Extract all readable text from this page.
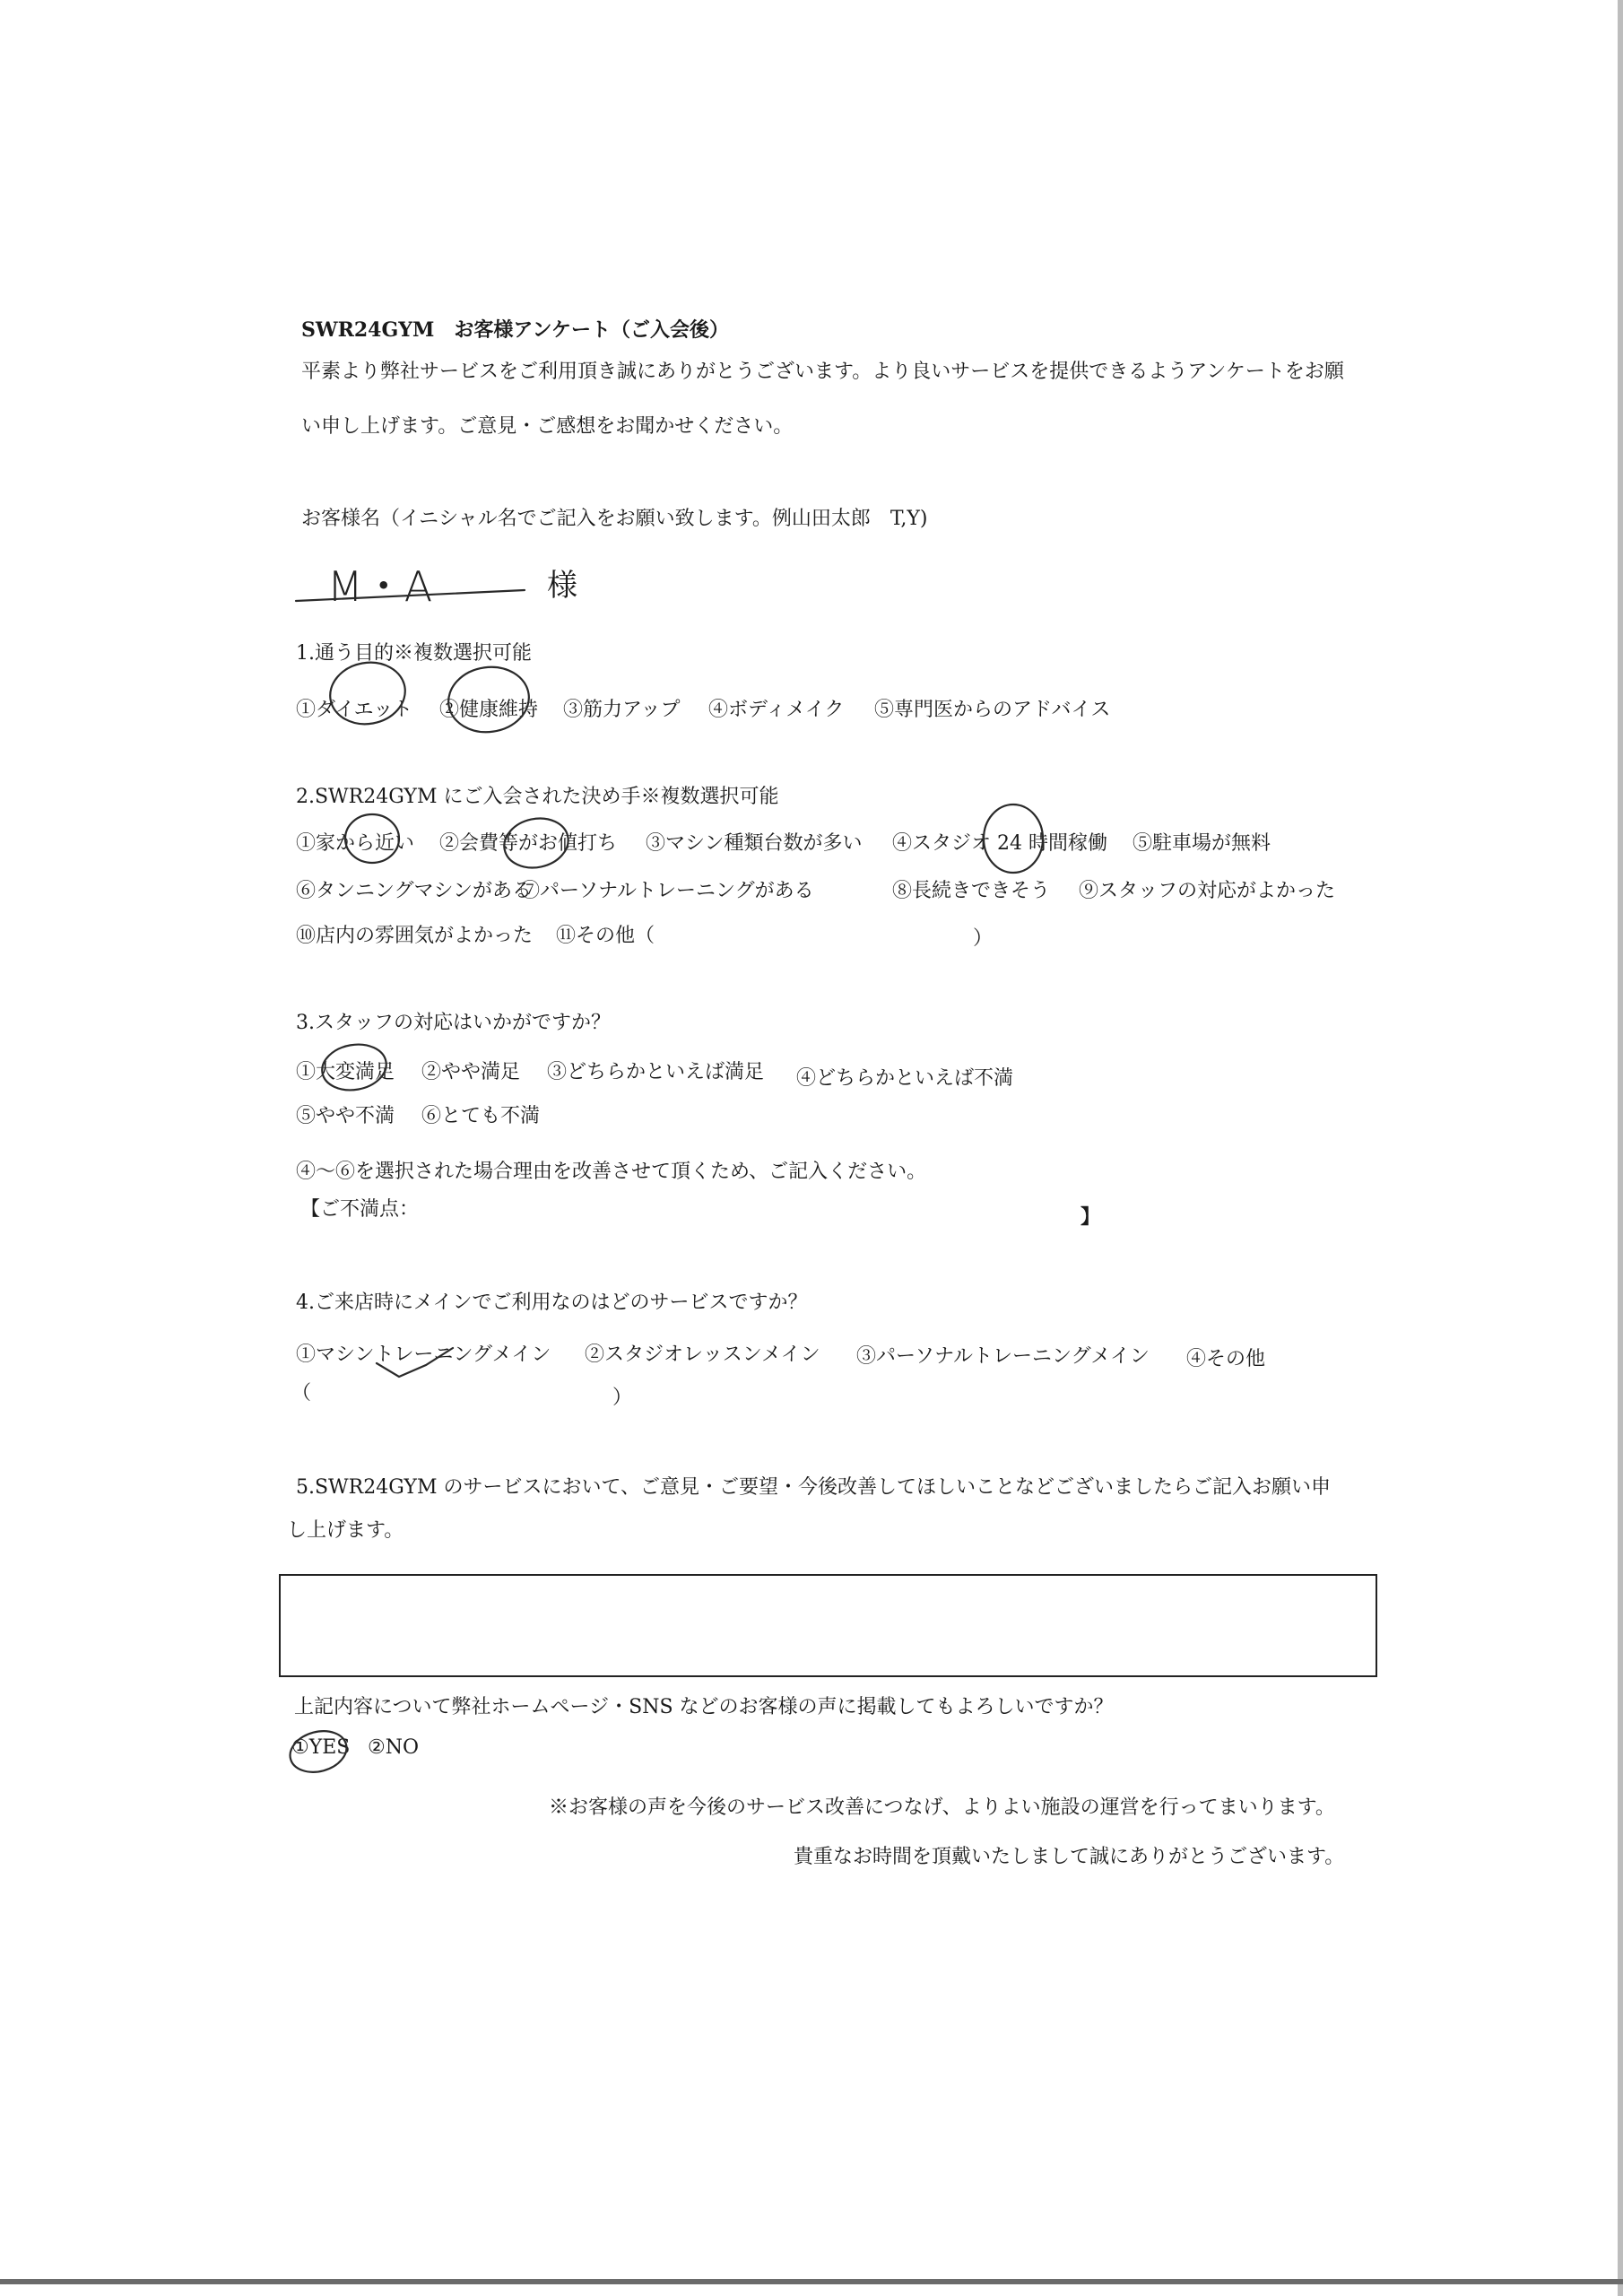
SWR24GYM　お客様アンケート（ご入会後）
平素より弊社サービスをご利用頂き誠にありがとうございます。より良いサービスを提供できるようアンケートをお願
い申し上げます。ご意見・ご感想をお聞かせください。
お客様名（イニシャル名でご記入をお願い致します。例山田太郎　T,Y)
M・A	様
1.通う目的※複数選択可能
①ダイエット ②健康維持 ③筋力アップ ④ボディメイク ⑤専門医からのアドバイス
2.SWR24GYM にご入会された決め手※複数選択可能
①家から近い ②会費等がお値打ち ③マシン種類台数が多い ④スタジオ 24 時間稼働 ⑤駐車場が無料
⑥タンニングマシンがある
⑦パーソナルトレーニングがある	⑧長続きできそう ⑨スタッフの対応がよかった
⑩店内の雰囲気がよかった ⑪その他（	）
3.スタッフの対応はいかがですか？
①大変満足 ②やや満足 ③どちらかといえば満足 ④どちらかといえば不満
⑤やや不満 ⑥とても不満
④～⑥を選択された場合理由を改善させて頂くため、ご記入ください。
【ご不満点：	】
4.ご来店時にメインでご利用なのはどのサービスですか？
①マシントレーニングメイン ②スタジオレッスンメイン ③パーソナルトレーニングメイン ④その他
（	）
5.SWR24GYM のサービスにおいて、ご意見・ご要望・今後改善してほしいことなどございましたらご記入お願い申
し上げます。
上記内容について弊社ホームページ・SNS などのお客様の声に掲載してもよろしいですか？
①YES ②NO
※お客様の声を今後のサービス改善につなげ、よりよい施設の運営を行ってまいります。
貴重なお時間を頂戴いたしまして誠にありがとうございます。
